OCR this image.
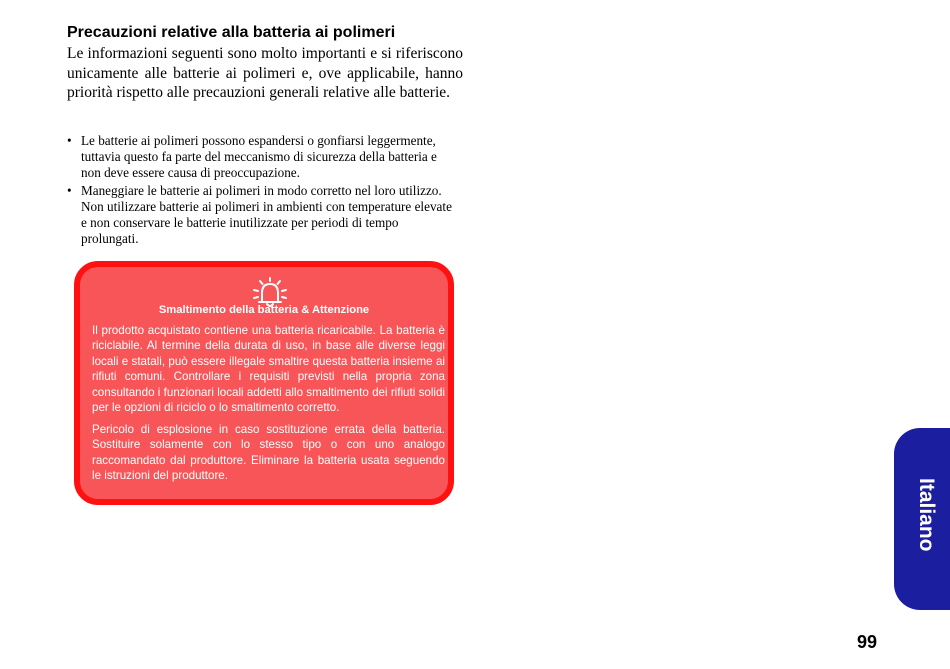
Precauzioni relative alla batteria ai polimeri

Le informazioni seguenti sono molto importanti e si riferiscono unicamente alle batterie ai polimeri e, ove applicabile, hanno priorità rispetto alle precauzioni generali relative alle batterie.

• Le batterie ai polimeri possono espandersi o gonfiarsi leggermente, tuttavia questo fa parte del meccanismo di sicurezza della batteria e non deve essere causa di preoccupazione.
• Maneggiare le batterie ai polimeri in modo corretto nel loro utilizzo. Non utilizzare batterie ai polimeri in ambienti con temperature elevate e non conservare le batterie inutilizzate per periodi di tempo prolungati.
Smaltimento della batteria & Attenzione

Il prodotto acquistato contiene una batteria ricaricabile. La batteria è riciclabile. Al termine della durata di uso, in base alle diverse leggi locali e statali, può essere illegale smaltire questa batteria insieme ai rifiuti comuni. Controllare i requisiti previsti nella propria zona consultando i funzionari locali addetti allo smaltimento dei rifiuti solidi per le opzioni di riciclo o lo smaltimento corretto.

Pericolo di esplosione in caso sostituzione errata della batteria. Sostituire solamente con lo stesso tipo o con uno analogo raccomandato dal produttore. Eliminare la batteria usata seguendo le istruzioni del produttore.

Italiano
99
